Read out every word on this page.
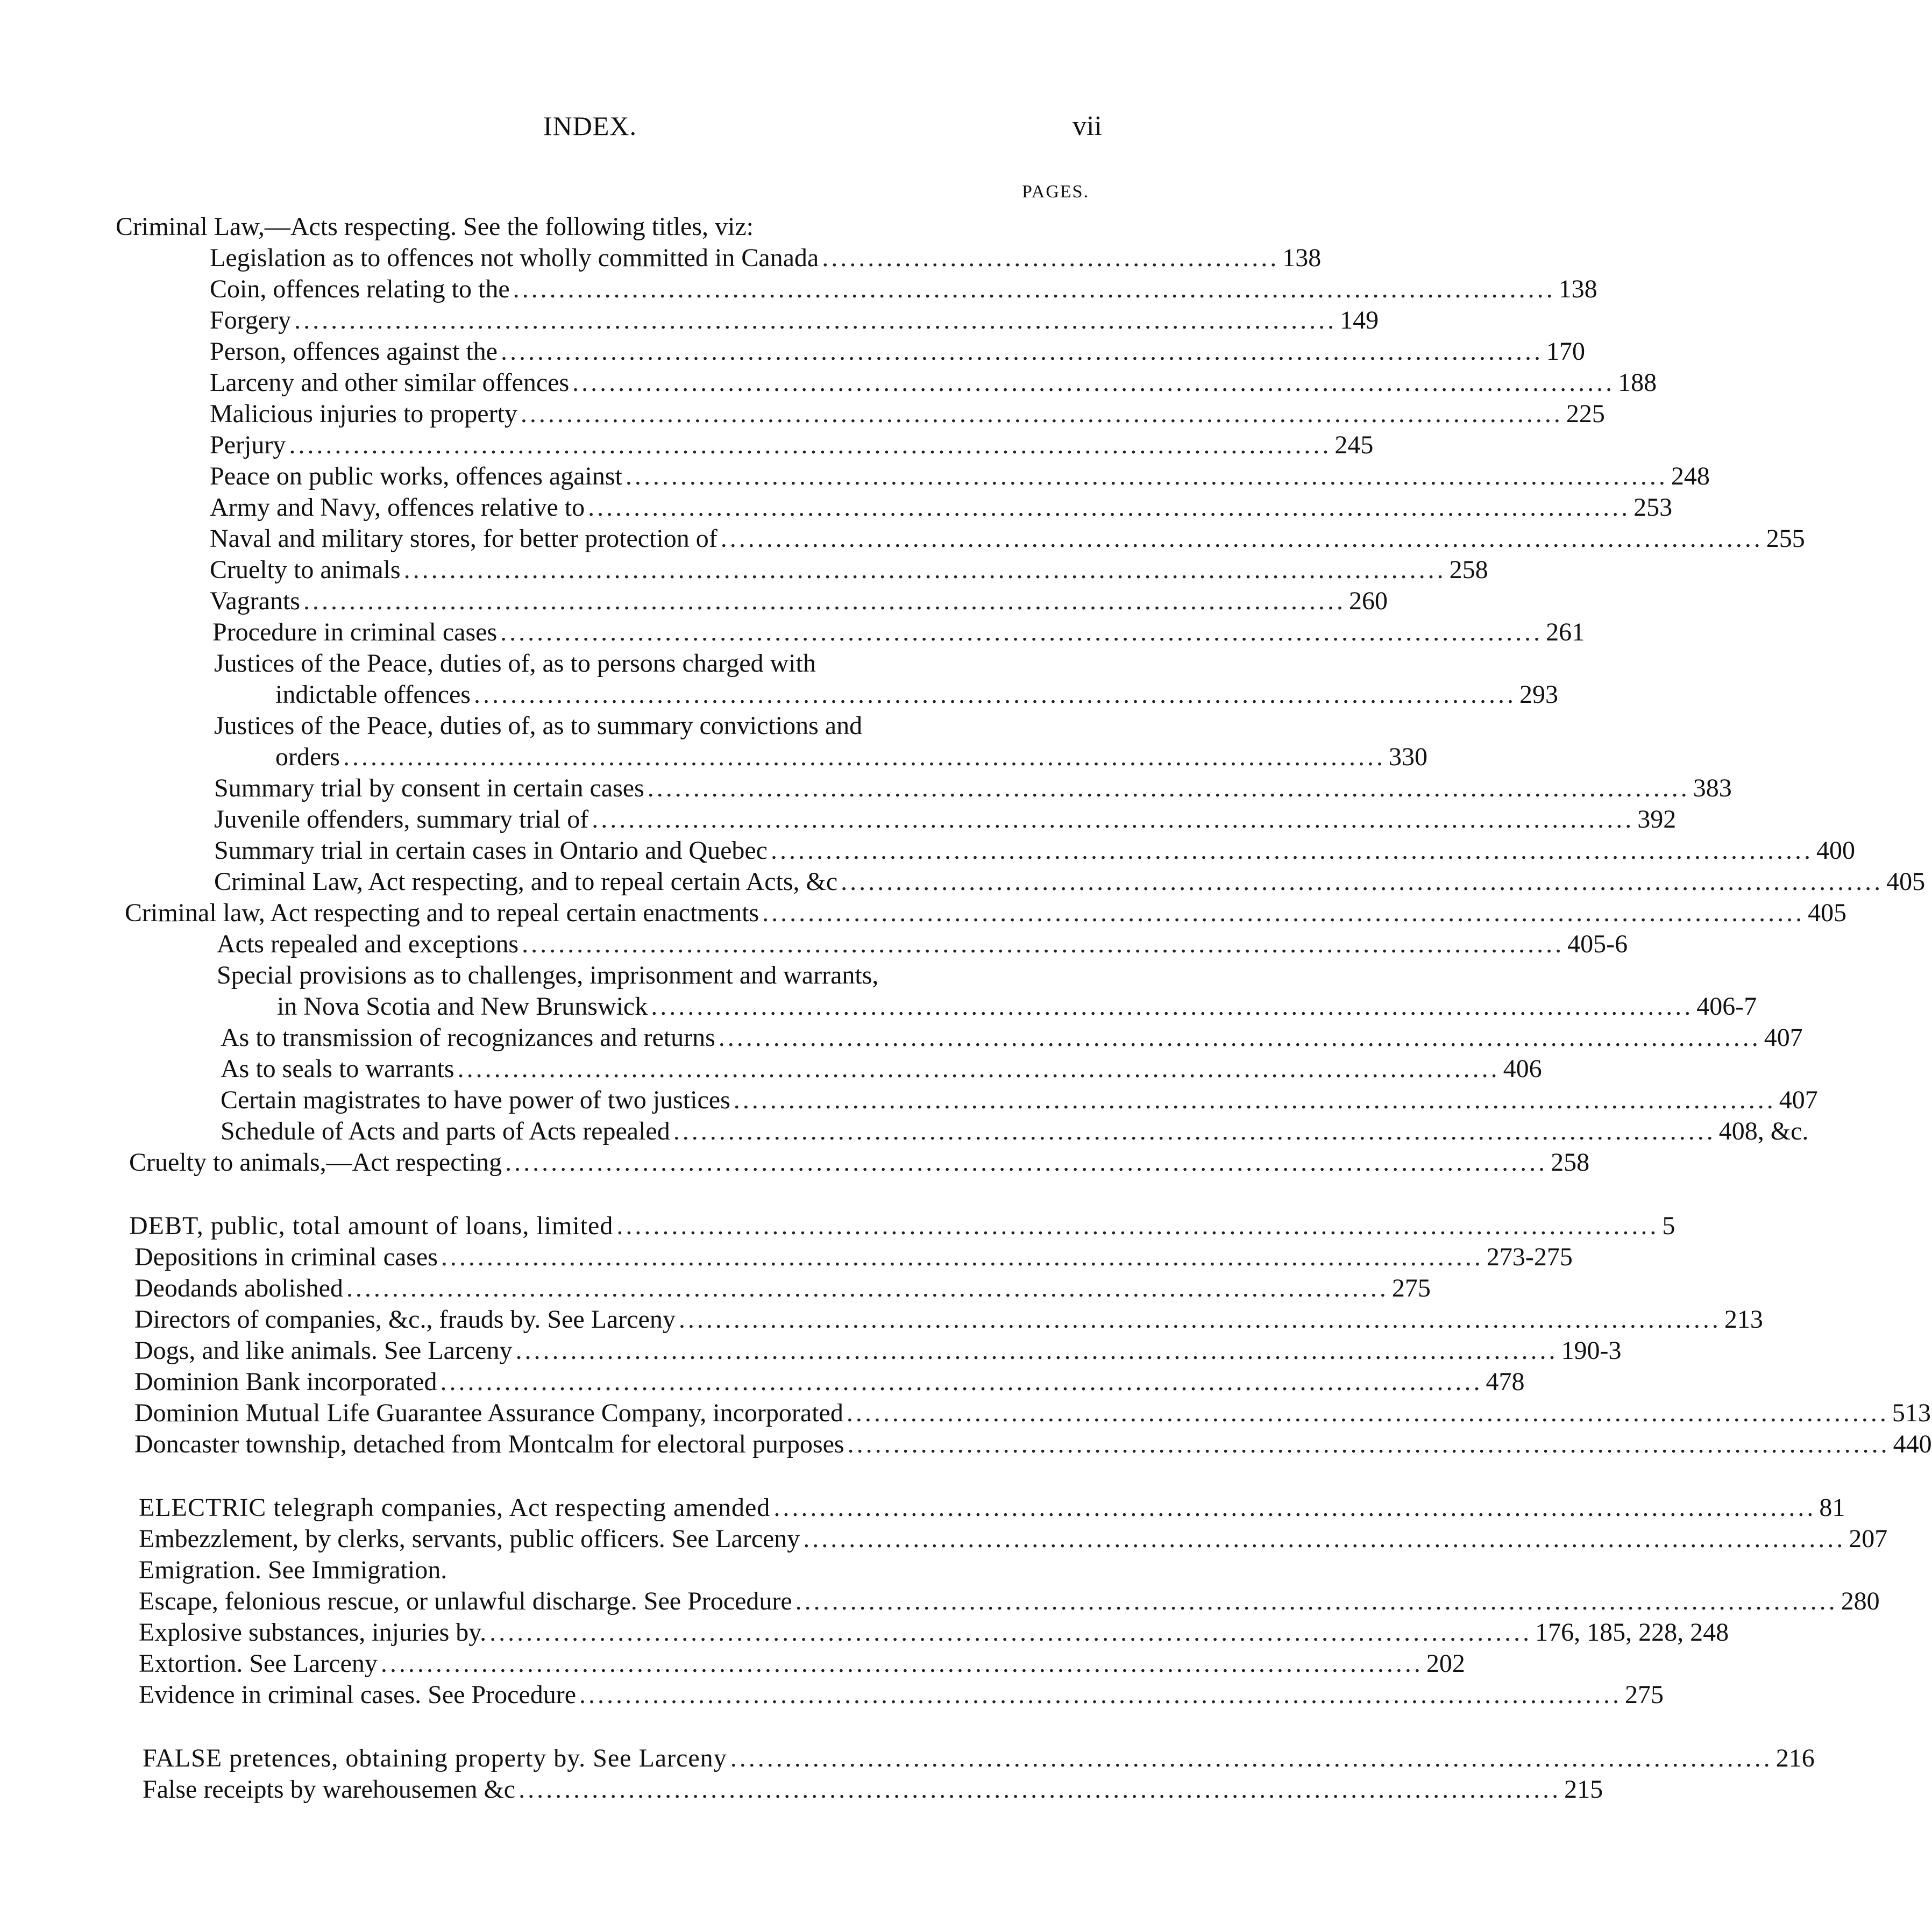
INDEX.	vii
PAGES.
Criminal Law,—Acts respecting. See the following titles, viz:
Legislation as to offences not wholly committed in Canada .................................................. 138
Coin, offences relating to the .................................................................................................................. 138
Forgery .................................................................................................................. 149
Person, offences against the .................................................................................................................. 170
Larceny and other similar offences .................................................................................................................. 188
Malicious injuries to property .................................................................................................................. 225
Perjury .................................................................................................................. 245
Peace on public works, offences against .................................................................................................................. 248
Army and Navy, offences relative to .................................................................................................................. 253
Naval and military stores, for better protection of .................................................................................................................. 255
Cruelty to animals .................................................................................................................. 258
Vagrants .................................................................................................................. 260
Procedure in criminal cases .................................................................................................................. 261
Justices of the Peace, duties of, as to persons charged with
indictable offences .................................................................................................................. 293
Justices of the Peace, duties of, as to summary convictions and
orders .................................................................................................................. 330
Summary trial by consent in certain cases .................................................................................................................. 383
Juvenile offenders, summary trial of .................................................................................................................. 392
Summary trial in certain cases in Ontario and Quebec .................................................................................................................. 400
Criminal Law, Act respecting, and to repeal certain Acts, &c .................................................................................................................. 405
Criminal law, Act respecting and to repeal certain enactments .................................................................................................................. 405
Acts repealed and exceptions .................................................................................................................. 405-6
Special provisions as to challenges, imprisonment and warrants,
in Nova Scotia and New Brunswick .................................................................................................................. 406-7
As to transmission of recognizances and returns .................................................................................................................. 407
As to seals to warrants .................................................................................................................. 406
Certain magistrates to have power of two justices .................................................................................................................. 407
Schedule of Acts and parts of Acts repealed .................................................................................................................. 408, &c.
Cruelty to animals,—Act respecting .................................................................................................................. 258
DEBT, public, total amount of loans, limited .................................................................................................................. 5
Depositions in criminal cases .................................................................................................................. 273-275
Deodands abolished .................................................................................................................. 275
Directors of companies, &c., frauds by. See Larceny .................................................................................................................. 213
Dogs, and like animals. See Larceny .................................................................................................................. 190-3
Dominion Bank incorporated .................................................................................................................. 478
Dominion Mutual Life Guarantee Assurance Company, incorporated .................................................................................................................. 513
Doncaster township, detached from Montcalm for electoral purposes .................................................................................................................. 440
ELECTRIC telegraph companies, Act respecting amended .................................................................................................................. 81
Embezzlement, by clerks, servants, public officers. See Larceny .................................................................................................................. 207
Emigration. See Immigration.
Escape, felonious rescue, or unlawful discharge. See Procedure .................................................................................................................. 280
Explosive substances, injuries by. .................................................................................................................. 176, 185, 228, 248
Extortion. See Larceny .................................................................................................................. 202
Evidence in criminal cases. See Procedure .................................................................................................................. 275
FALSE pretences, obtaining property by. See Larceny .................................................................................................................. 216
False receipts by warehousemen &c .................................................................................................................. 215
